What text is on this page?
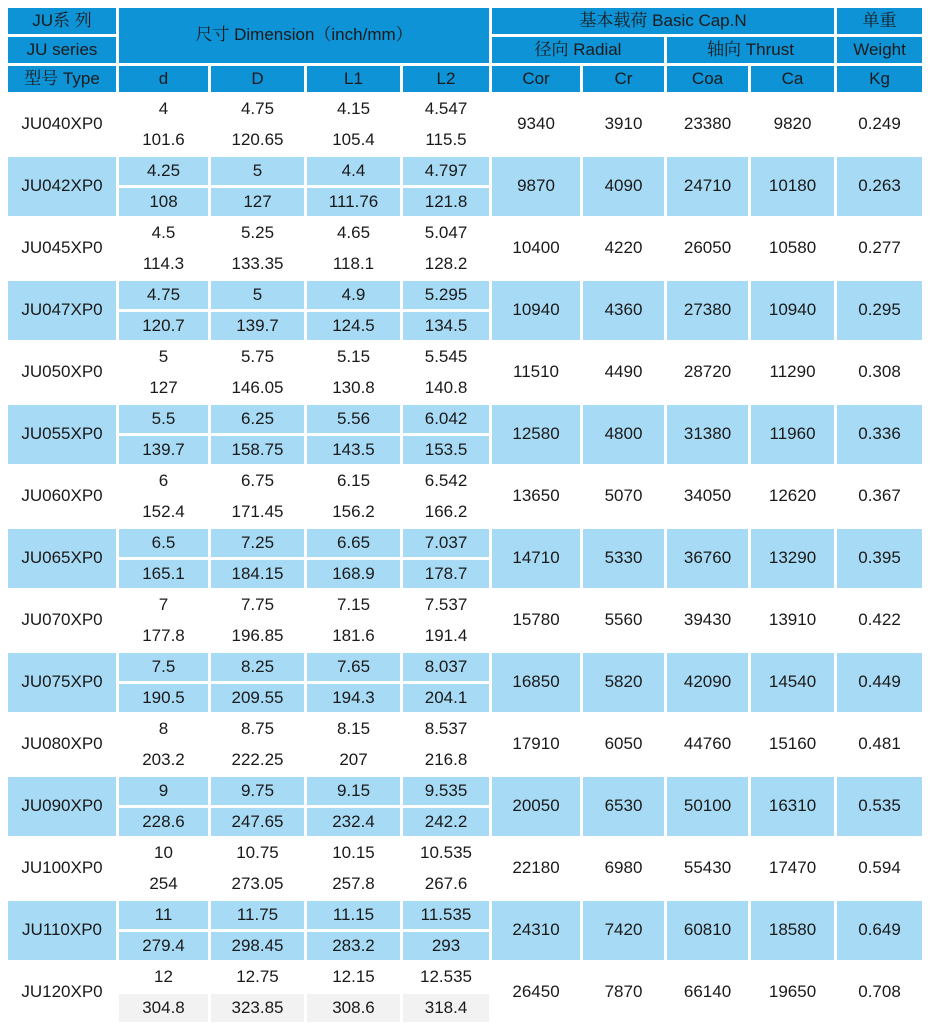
JU系 列	尺寸 Dimension（inch/mm）				基本载荷 Basic Cap.N				单重
JU series					径向 Radial		轴向 Thrust		Weight
型号 Type	d	D	L1	L2	Cor	Cr	Coa	Ca	Kg
JU040XP0	4	4.75	4.15	4.547	9340	3910	23380	9820	0.249
	101.6	120.65	105.4	115.5					
JU042XP0	4.25	5	4.4	4.797	9870	4090	24710	10180	0.263
	108	127	111.76	121.8					
JU045XP0	4.5	5.25	4.65	5.047	10400	4220	26050	10580	0.277
	114.3	133.35	118.1	128.2					
JU047XP0	4.75	5	4.9	5.295	10940	4360	27380	10940	0.295
	120.7	139.7	124.5	134.5					
JU050XP0	5	5.75	5.15	5.545	11510	4490	28720	11290	0.308
	127	146.05	130.8	140.8					
JU055XP0	5.5	6.25	5.56	6.042	12580	4800	31380	11960	0.336
	139.7	158.75	143.5	153.5					
JU060XP0	6	6.75	6.15	6.542	13650	5070	34050	12620	0.367
	152.4	171.45	156.2	166.2					
JU065XP0	6.5	7.25	6.65	7.037	14710	5330	36760	13290	0.395
	165.1	184.15	168.9	178.7					
JU070XP0	7	7.75	7.15	7.537	15780	5560	39430	13910	0.422
	177.8	196.85	181.6	191.4					
JU075XP0	7.5	8.25	7.65	8.037	16850	5820	42090	14540	0.449
	190.5	209.55	194.3	204.1					
JU080XP0	8	8.75	8.15	8.537	17910	6050	44760	15160	0.481
	203.2	222.25	207	216.8					
JU090XP0	9	9.75	9.15	9.535	20050	6530	50100	16310	0.535
	228.6	247.65	232.4	242.2					
JU100XP0	10	10.75	10.15	10.535	22180	6980	55430	17470	0.594
	254	273.05	257.8	267.6					
JU110XP0	11	11.75	11.15	11.535	24310	7420	60810	18580	0.649
	279.4	298.45	283.2	293					
JU120XP0	12	12.75	12.15	12.535	26450	7870	66140	19650	0.708
	304.8	323.85	308.6	318.4					
